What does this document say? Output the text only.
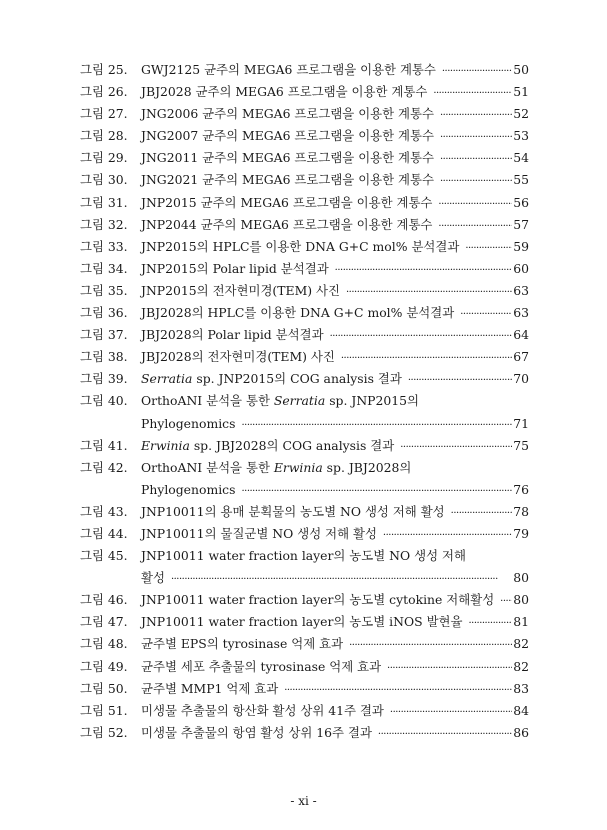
그림 25.	GWJ2125 균주의 MEGA6 프로그램을 이용한 계통수 ·····	50
그림 26.	JBJ2028 균주의 MEGA6 프로그램을 이용한 계통수 ·····	51
그림 27.	JNG2006 균주의 MEGA6 프로그램을 이용한 계통수 ·····	52
그림 28.	JNG2007 균주의 MEGA6 프로그램을 이용한 계통수 ·····	53
그림 29.	JNG2011 균주의 MEGA6 프로그램을 이용한 계통수 ·····	54
그림 30.	JNG2021 균주의 MEGA6 프로그램을 이용한 계통수 ·····	55
그림 31.	JNP2015 균주의 MEGA6 프로그램을 이용한 계통수 ·····	56
그림 32.	JNP2044 균주의 MEGA6 프로그램을 이용한 계통수 ·····	57
그림 33.	JNP2015의 HPLC를 이용한 DNA G+C mol% 분석결과 ·····	59
그림 34.	JNP2015의 Polar lipid 분석결과 ·····	60
그림 35.	JNP2015의 전자현미경(TEM) 사진 ·····	63
그림 36.	JBJ2028의 HPLC를 이용한 DNA G+C mol% 분석결과 ·····	63
그림 37.	JBJ2028의 Polar lipid 분석결과 ·····	64
그림 38.	JBJ2028의 전자현미경(TEM) 사진 ·····	67
그림 39.	Serratia sp. JNP2015의 COG analysis 결과 ·····	70
그림 40.	OrthoANI 분석을 통한 Serratia sp. JNP2015의
Phylogenomics ·····	71
그림 41.	Erwinia sp. JBJ2028의 COG analysis 결과 ·····	75
그림 42.	OrthoANI 분석을 통한 Erwinia sp. JBJ2028의
Phylogenomics ·····	76
그림 43.	JNP10011의 용매 분획물의 농도별 NO 생성 저해 활성 ·····	78
그림 44.	JNP10011의 물질군별 NO 생성 저해 활성 ·····	79
그림 45.	JNP10011 water fraction layer의 농도별 NO 생성 저해
활성 ·····	80
그림 46.	JNP10011 water fraction layer의 농도별 cytokine 저해활성 ····· 80
그림 47.	JNP10011 water fraction layer의 농도별 iNOS 발현율 ·····	81
그림 48.	균주별 EPS의 tyrosinase 억제 효과 ·····	82
그림 49.	균주별 세포 추출물의 tyrosinase 억제 효과 ·····	82
그림 50.	균주별 MMP1 억제 효과 ·····	83
그림 51.	미생물 추출물의 항산화 활성 상위 41주 결과 ·····	84
그림 52.	미생물 추출물의 항염 활성 상위 16주 결과 ·····	86
- xi -
